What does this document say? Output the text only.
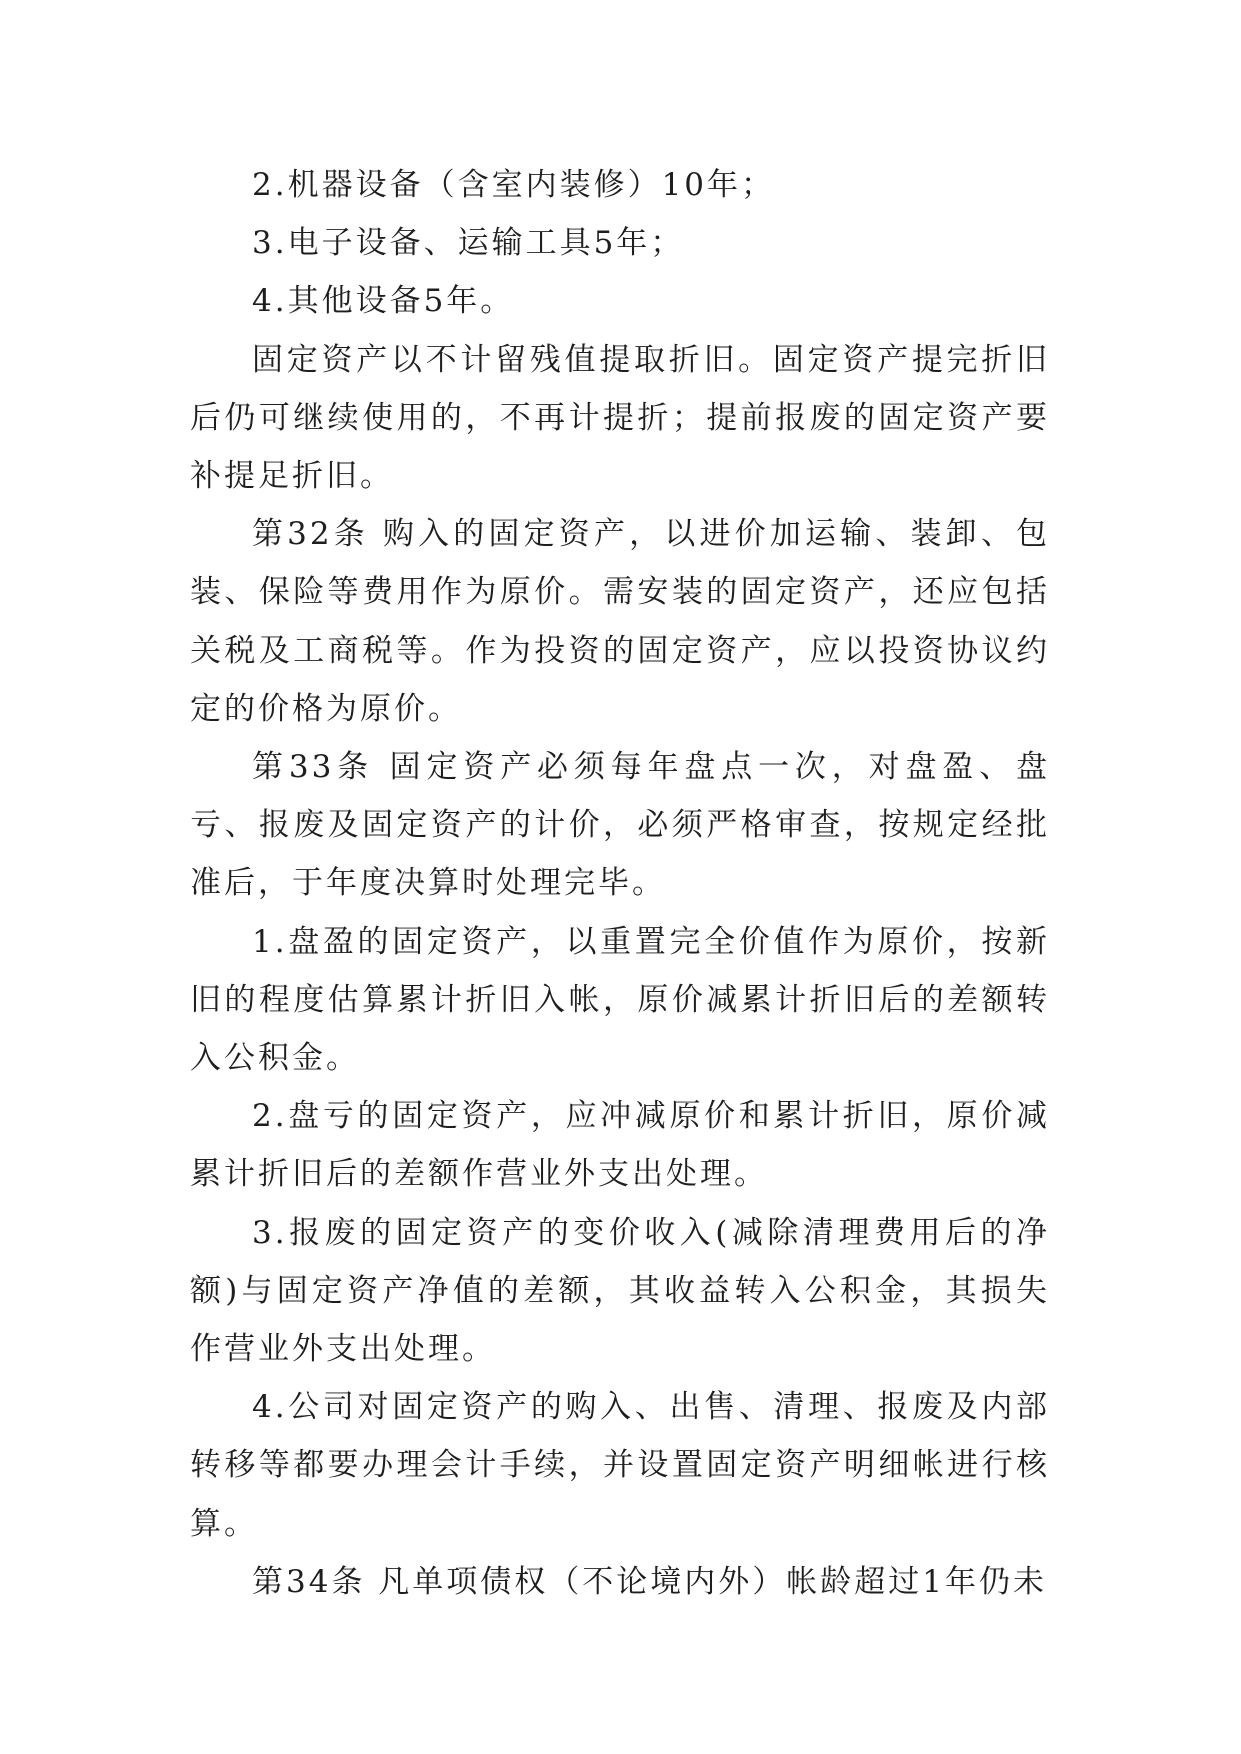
2.机器设备（含室内装修）10年；

3.电子设备、运输工具5年；

4.其他设备5年。

固定资产以不计留残值提取折旧。固定资产提完折旧后仍可继续使用的，不再计提折；提前报废的固定资产要补提足折旧。

第32条 购入的固定资产，以进价加运输、装卸、包装、保险等费用作为原价。需安装的固定资产，还应包括关税及工商税等。作为投资的固定资产，应以投资协议约定的价格为原价。

第33条 固定资产必须每年盘点一次，对盘盈、盘亏、报废及固定资产的计价，必须严格审查，按规定经批准后，于年度决算时处理完毕。

1.盘盈的固定资产，以重置完全价值作为原价，按新旧的程度估算累计折旧入帐，原价减累计折旧后的差额转入公积金。

2.盘亏的固定资产，应冲减原价和累计折旧，原价减累计折旧后的差额作营业外支出处理。

3.报废的固定资产的变价收入(减除清理费用后的净额)与固定资产净值的差额，其收益转入公积金，其损失作营业外支出处理。

4.公司对固定资产的购入、出售、清理、报废及内部转移等都要办理会计手续，并设置固定资产明细帐进行核算。

第34条 凡单项债权（不论境内外）帐龄超过1年仍未
